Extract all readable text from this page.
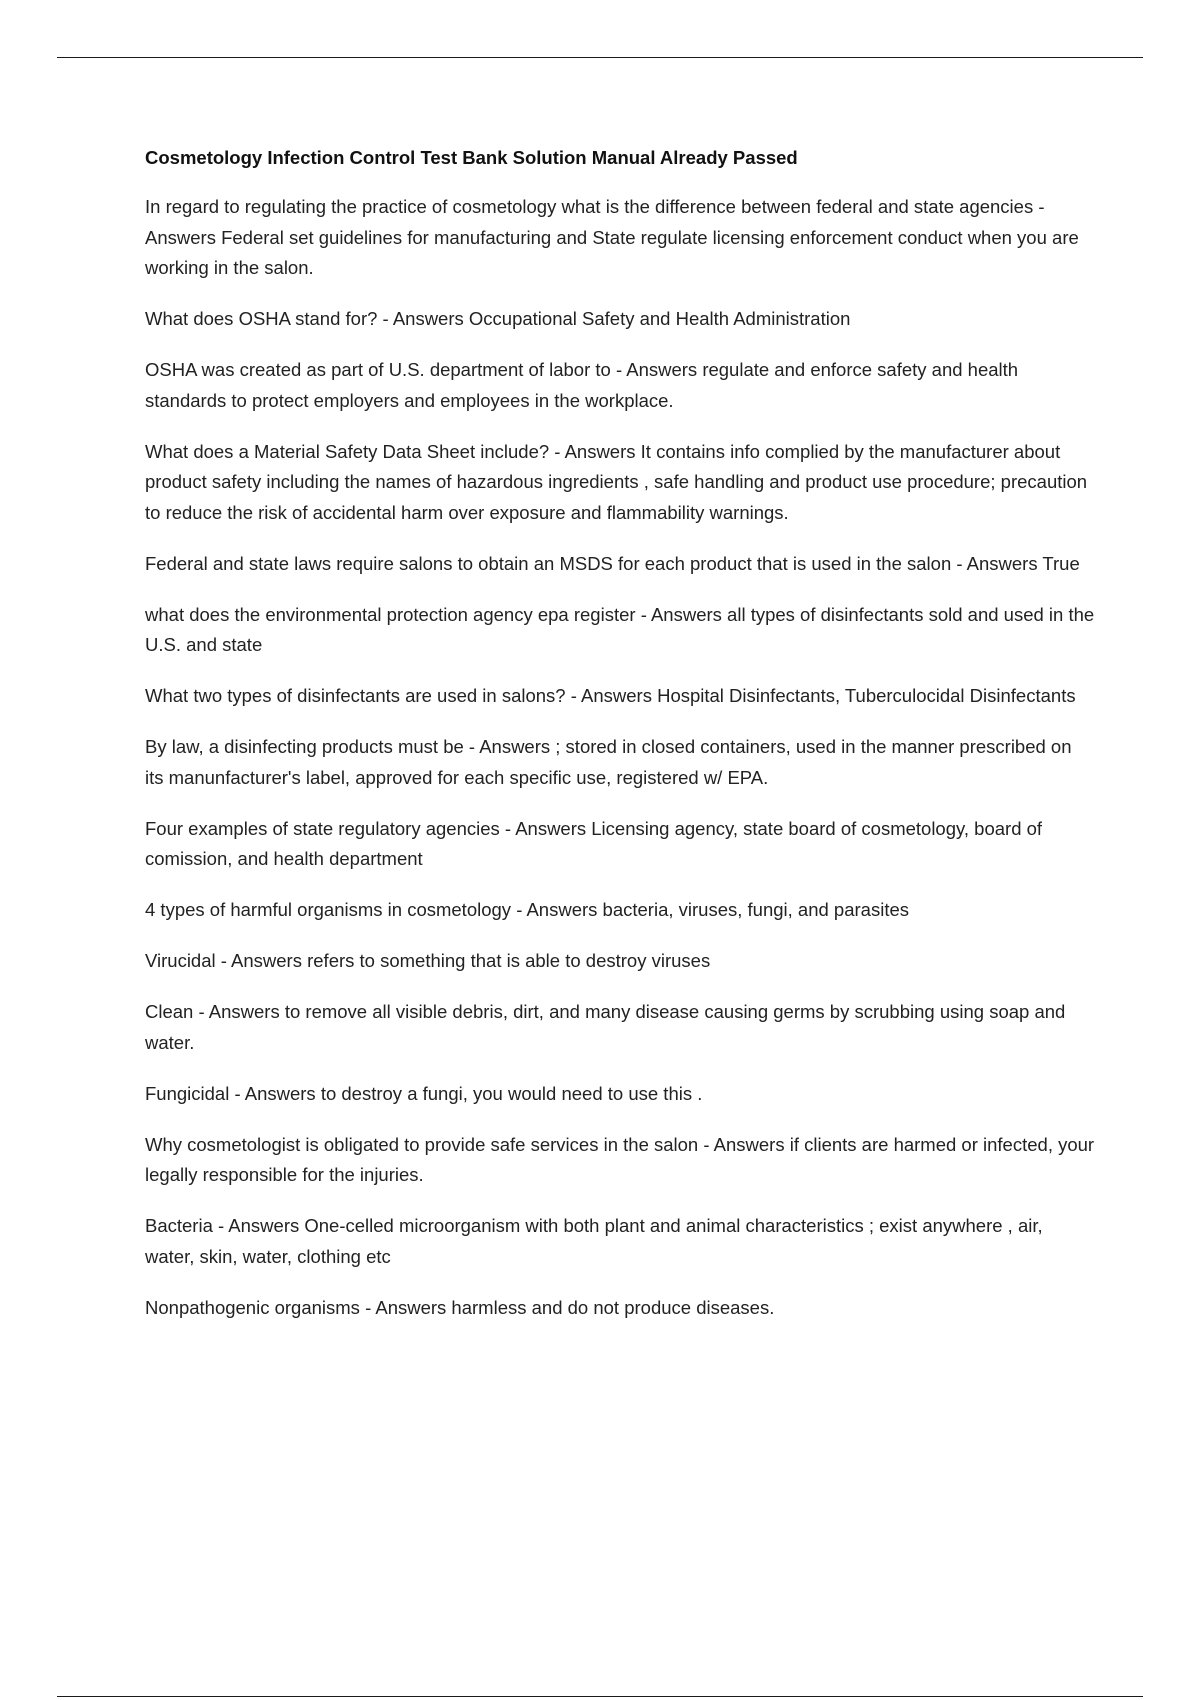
Cosmetology Infection Control Test Bank Solution Manual Already Passed

In regard to regulating the practice of cosmetology what is the difference between federal and state agencies - Answers Federal set guidelines for manufacturing and State regulate licensing enforcement conduct when you are working in the salon.

What does OSHA stand for? - Answers Occupational Safety and Health Administration

OSHA was created as part of U.S. department of labor to - Answers regulate and enforce safety and health standards to protect employers and employees in the workplace.

What does a Material Safety Data Sheet include? - Answers It contains info complied by the manufacturer about product safety including the names of hazardous ingredients , safe handling and product use procedure; precaution to reduce the risk of accidental harm over exposure and flammability warnings.

Federal and state laws require salons to obtain an MSDS for each product that is used in the salon - Answers True

what does the environmental protection agency epa register - Answers all types of disinfectants sold and used in the U.S. and state

What two types of disinfectants are used in salons? - Answers Hospital Disinfectants, Tuberculocidal Disinfectants

By law, a disinfecting products must be - Answers ; stored in closed containers, used in the manner prescribed on its manunfacturer's label, approved for each specific use, registered w/ EPA.

Four examples of state regulatory agencies - Answers Licensing agency, state board of cosmetology, board of comission, and health department

4 types of harmful organisms in cosmetology - Answers bacteria, viruses, fungi, and parasites

Virucidal - Answers refers to something that is able to destroy viruses

Clean - Answers to remove all visible debris, dirt, and many disease causing germs by scrubbing using soap and water.

Fungicidal - Answers to destroy a fungi, you would need to use this .

Why cosmetologist is obligated to provide safe services in the salon - Answers if clients are harmed or infected, your legally responsible for the injuries.

Bacteria - Answers One-celled microorganism with both plant and animal characteristics ; exist anywhere , air, water, skin, water, clothing etc

Nonpathogenic organisms - Answers harmless and do not produce diseases.
